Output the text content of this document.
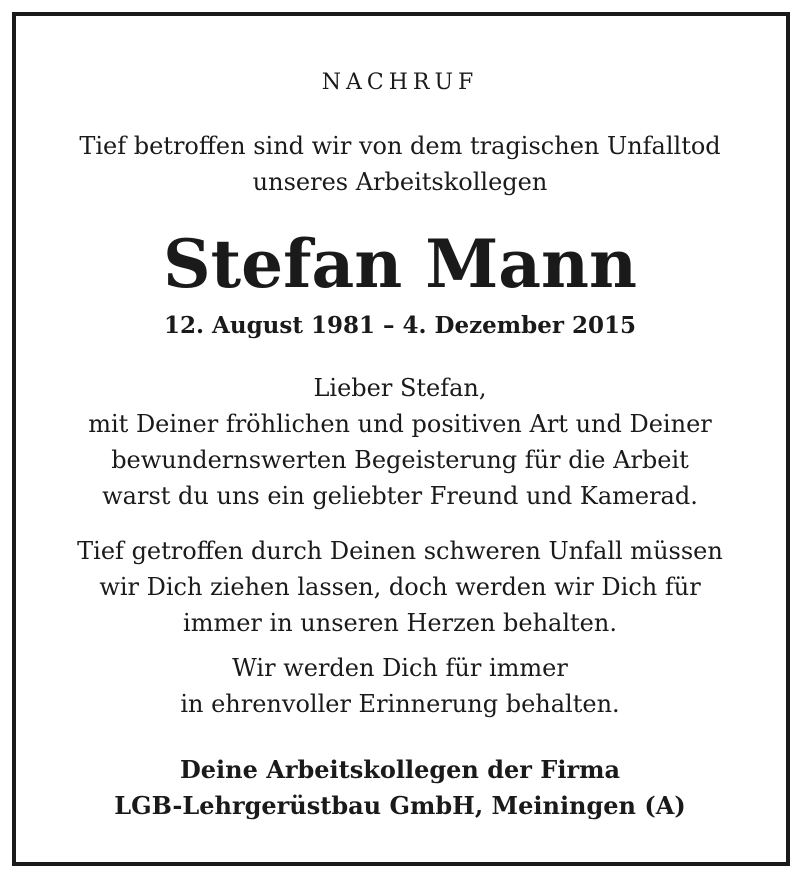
NACHRUF
Tief betroffen sind wir von dem tragischen Unfalltod
unseres Arbeitskollegen
Stefan Mann
12. August 1981 – 4. Dezember 2015
Lieber Stefan,
mit Deiner fröhlichen und positiven Art und Deiner
bewundernswerten Begeisterung für die Arbeit
warst du uns ein geliebter Freund und Kamerad.
Tief getroffen durch Deinen schweren Unfall müssen
wir Dich ziehen lassen, doch werden wir Dich für
immer in unseren Herzen behalten.
Wir werden Dich für immer
in ehrenvoller Erinnerung behalten.
Deine Arbeitskollegen der Firma
LGB-Lehrgerüstbau GmbH, Meiningen (A)
